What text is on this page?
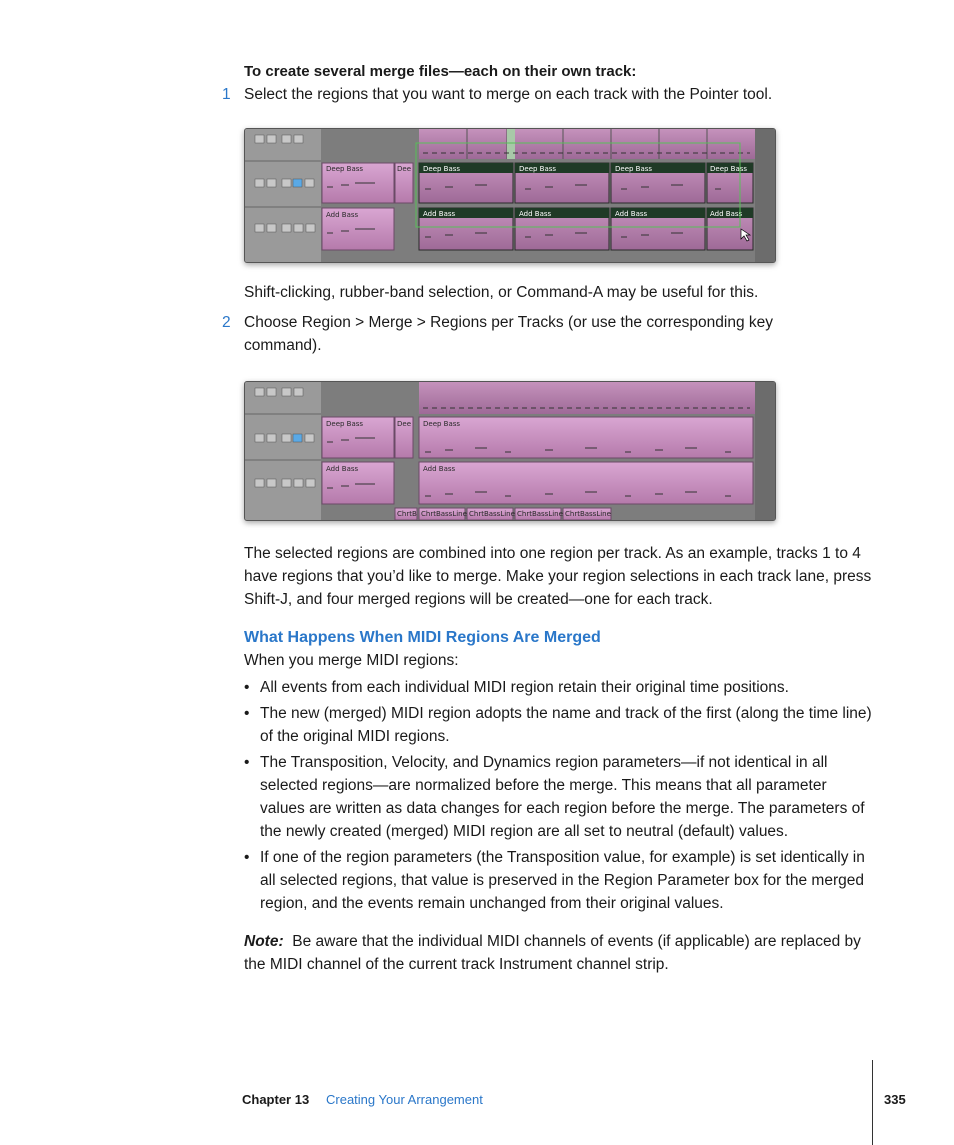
To create several merge files—each on their own track:
1 Select the regions that you want to merge on each track with the Pointer tool.
Deep Bass	Dee
Add Bass
Deep Bass	Deep Bass	Deep Bass	Deep Bass
Add Bass	Add Bass	Add Bass	Add Bass
Shift-clicking, rubber-band selection, or Command-A may be useful for this.
2 Choose Region > Merge > Regions per Tracks (or use the corresponding key command).
Deep Bass	Dee Deep Bass
Add Bass	Add Bass
ChrtB ChrtBassLine ChrtBassLine ChrtBassLine ChrtBassLine
The selected regions are combined into one region per track. As an example, tracks 1 to 4 have regions that you’d like to merge. Make your region selections in each track lane, press Shift-J, and four merged regions will be created—one for each track.
What Happens When MIDI Regions Are Merged
When you merge MIDI regions:
• All events from each individual MIDI region retain their original time positions.
• The new (merged) MIDI region adopts the name and track of the first (along the time line) of the original MIDI regions.
• The Transposition, Velocity, and Dynamics region parameters—if not identical in all selected regions—are normalized before the merge. This means that all parameter values are written as data changes for each region before the merge. The parameters of the newly created (merged) MIDI region are all set to neutral (default) values.
• If one of the region parameters (the Transposition value, for example) is set identically in all selected regions, that value is preserved in the Region Parameter box for the merged region, and the events remain unchanged from their original values.
Note: Be aware that the individual MIDI channels of events (if applicable) are replaced by the MIDI channel of the current track Instrument channel strip.
Chapter 13 Creating Your Arrangement	335
